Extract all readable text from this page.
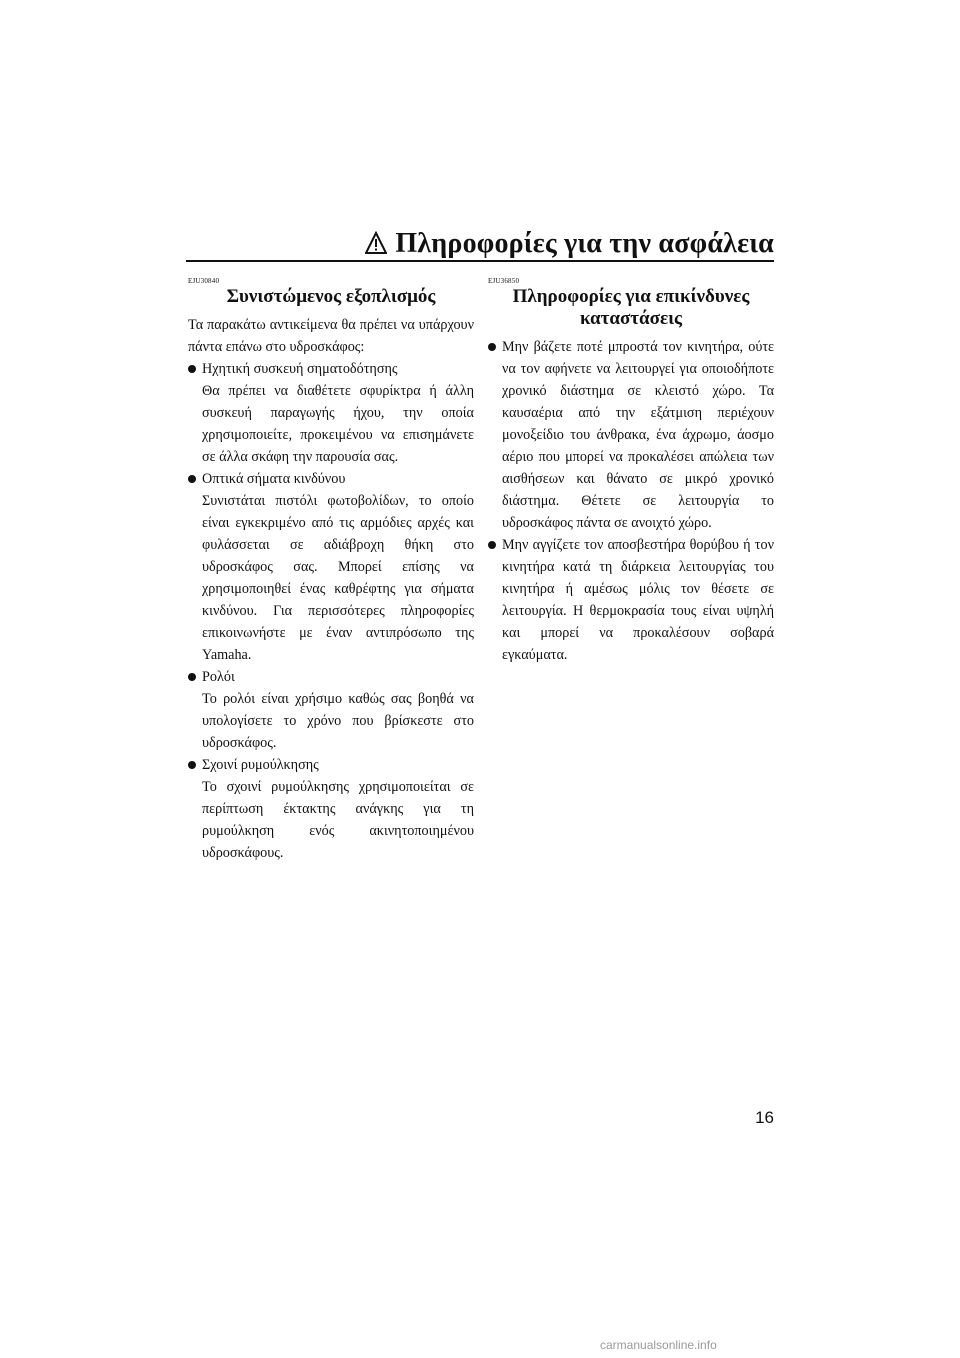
Πληροφορίες για την ασφάλεια
EJU30840
Συνιστώμενος εξοπλισμός

Τα παρακάτω αντικείμενα θα πρέπει να υπάρχουν πάντα επάνω στο υδροσκάφος:

Ηχητική συσκευή σηματοδότησης

Θα πρέπει να διαθέτετε σφυρίκτρα ή άλλη συσκευή παραγωγής ήχου, την οποία χρησιμοποιείτε, προκειμένου να επισημάνετε σε άλλα σκάφη την παρουσία σας.

Οπτικά σήματα κινδύνου

Συνιστάται πιστόλι φωτοβολίδων, το οποίο είναι εγκεκριμένο από τις αρμόδιες αρχές και φυλάσσεται σε αδιάβροχη θήκη στο υδροσκάφος σας. Μπορεί επίσης να χρησιμοποιηθεί ένας καθρέφτης για σήματα κινδύνου. Για περισσότερες πληροφορίες επικοινωνήστε με έναν αντιπρόσωπο της Yamaha.

Ρολόι

Το ρολόι είναι χρήσιμο καθώς σας βοηθά να υπολογίσετε το χρόνο που βρίσκεστε στο υδροσκάφος.

Σχοινί ρυμούλκησης

Το σχοινί ρυμούλκησης χρησιμοποιείται σε περίπτωση έκτακτης ανάγκης για τη ρυμούλκηση ενός ακινητοποιημένου υδροσκάφους.

EJU36850
Πληροφορίες για επικίνδυνες
καταστάσεις

Μην βάζετε ποτέ μπροστά τον κινητήρα, ούτε να τον αφήνετε να λειτουργεί για οποιοδήποτε χρονικό διάστημα σε κλειστό χώρο. Τα καυσαέρια από την εξάτμιση περιέχουν μονοξείδιο του άνθρακα, ένα άχρωμο, άοσμο αέριο που μπορεί να προκαλέσει απώλεια των αισθήσεων και θάνατο σε μικρό χρονικό διάστημα. Θέτετε σε λειτουργία το υδροσκάφος πάντα σε ανοιχτό χώρο.

Μην αγγίζετε τον αποσβεστήρα θορύβου ή τον κινητήρα κατά τη διάρκεια λειτουργίας του κινητήρα ή αμέσως μόλις τον θέσετε σε λειτουργία. Η θερμοκρασία τους είναι υψηλή και μπορεί να προκαλέσουν σοβαρά εγκαύματα.

16
carmanualsonline.info
